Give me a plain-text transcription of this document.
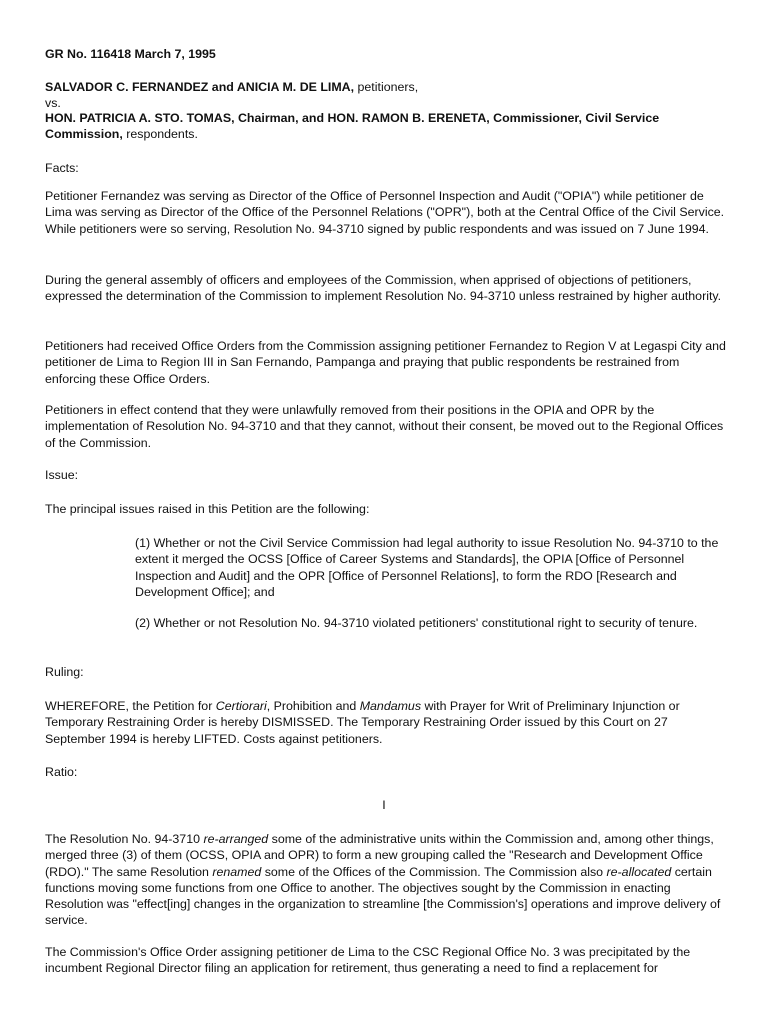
GR No. 116418 March 7, 1995

SALVADOR C. FERNANDEZ and ANICIA M. DE LIMA, petitioners,

vs.

HON. PATRICIA A. STO. TOMAS, Chairman, and HON. RAMON B. ERENETA, Commissioner, Civil Service Commission, respondents.

Facts:

Petitioner Fernandez was serving as Director of the Office of Personnel Inspection and Audit ("OPIA") while petitioner de Lima was serving as Director of the Office of the Personnel Relations ("OPR"), both at the Central Office of the Civil Service. While petitioners were so serving, Resolution No. 94-3710 signed by public respondents and was issued on 7 June 1994.

During the general assembly of officers and employees of the Commission, when apprised of objections of petitioners, expressed the determination of the Commission to implement Resolution No. 94-3710 unless restrained by higher authority.

Petitioners had received Office Orders from the Commission assigning petitioner Fernandez to Region V at Legaspi City and petitioner de Lima to Region III in San Fernando, Pampanga and praying that public respondents be restrained from enforcing these Office Orders.

Petitioners in effect contend that they were unlawfully removed from their positions in the OPIA and OPR by the implementation of Resolution No. 94-3710 and that they cannot, without their consent, be moved out to the Regional Offices of the Commission.

Issue:

The principal issues raised in this Petition are the following:

(1) Whether or not the Civil Service Commission had legal authority to issue Resolution No. 94-3710 to the extent it merged the OCSS [Office of Career Systems and Standards], the OPIA [Office of Personnel Inspection and Audit] and the OPR [Office of Personnel Relations], to form the RDO [Research and Development Office]; and

(2) Whether or not Resolution No. 94-3710 violated petitioners' constitutional right to security of tenure.

Ruling:

WHEREFORE, the Petition for Certiorari, Prohibition and Mandamus with Prayer for Writ of Preliminary Injunction or Temporary Restraining Order is hereby DISMISSED. The Temporary Restraining Order issued by this Court on 27 September 1994 is hereby LIFTED. Costs against petitioners.

Ratio:

I

The Resolution No. 94-3710 re-arranged some of the administrative units within the Commission and, among other things, merged three (3) of them (OCSS, OPIA and OPR) to form a new grouping called the "Research and Development Office (RDO)." The same Resolution renamed some of the Offices of the Commission. The Commission also re-allocated certain functions moving some functions from one Office to another. The objectives sought by the Commission in enacting Resolution was "effect[ing] changes in the organization to streamline [the Commission's] operations and improve delivery of service.

The Commission's Office Order assigning petitioner de Lima to the CSC Regional Office No. 3 was precipitated by the incumbent Regional Director filing an application for retirement, thus generating a need to find a replacement for
